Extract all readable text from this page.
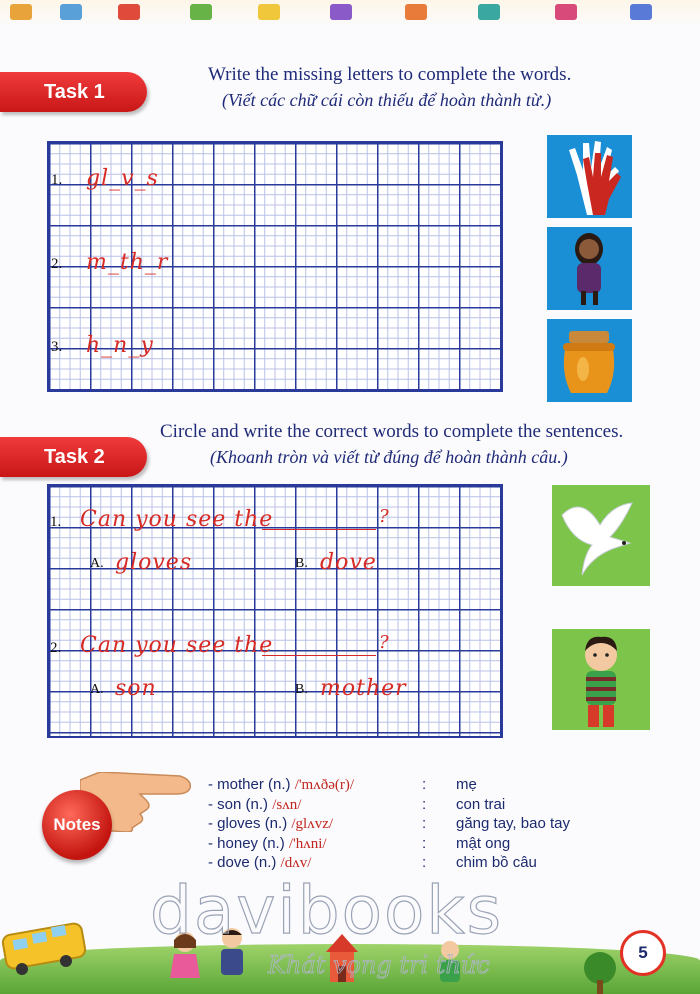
Task 1
Write the missing letters to complete the words.
(Viết các chữ cái còn thiếu để hoàn thành từ.)
1. gl_v_s
2. m_th_r
3. h_n_y
Task 2
Circle and write the correct words to complete the sentences.
(Khoanh tròn và viết từ đúng để hoàn thành câu.)
1. Can you see the	?
A. gloves	B. dove
2. Can you see the	?
A. son	B. mother
Notes
- mother (n.) /'mʌðə(r)/	: mẹ
- son (n.) /sʌn/	: con trai
- gloves (n.) /glʌvz/	: găng tay, bao tay
- honey (n.) /'hʌni/	: mật ong
- dove (n.) /dʌv/	: chim bồ câu
davibooks
Khát vọng tri thức	5
